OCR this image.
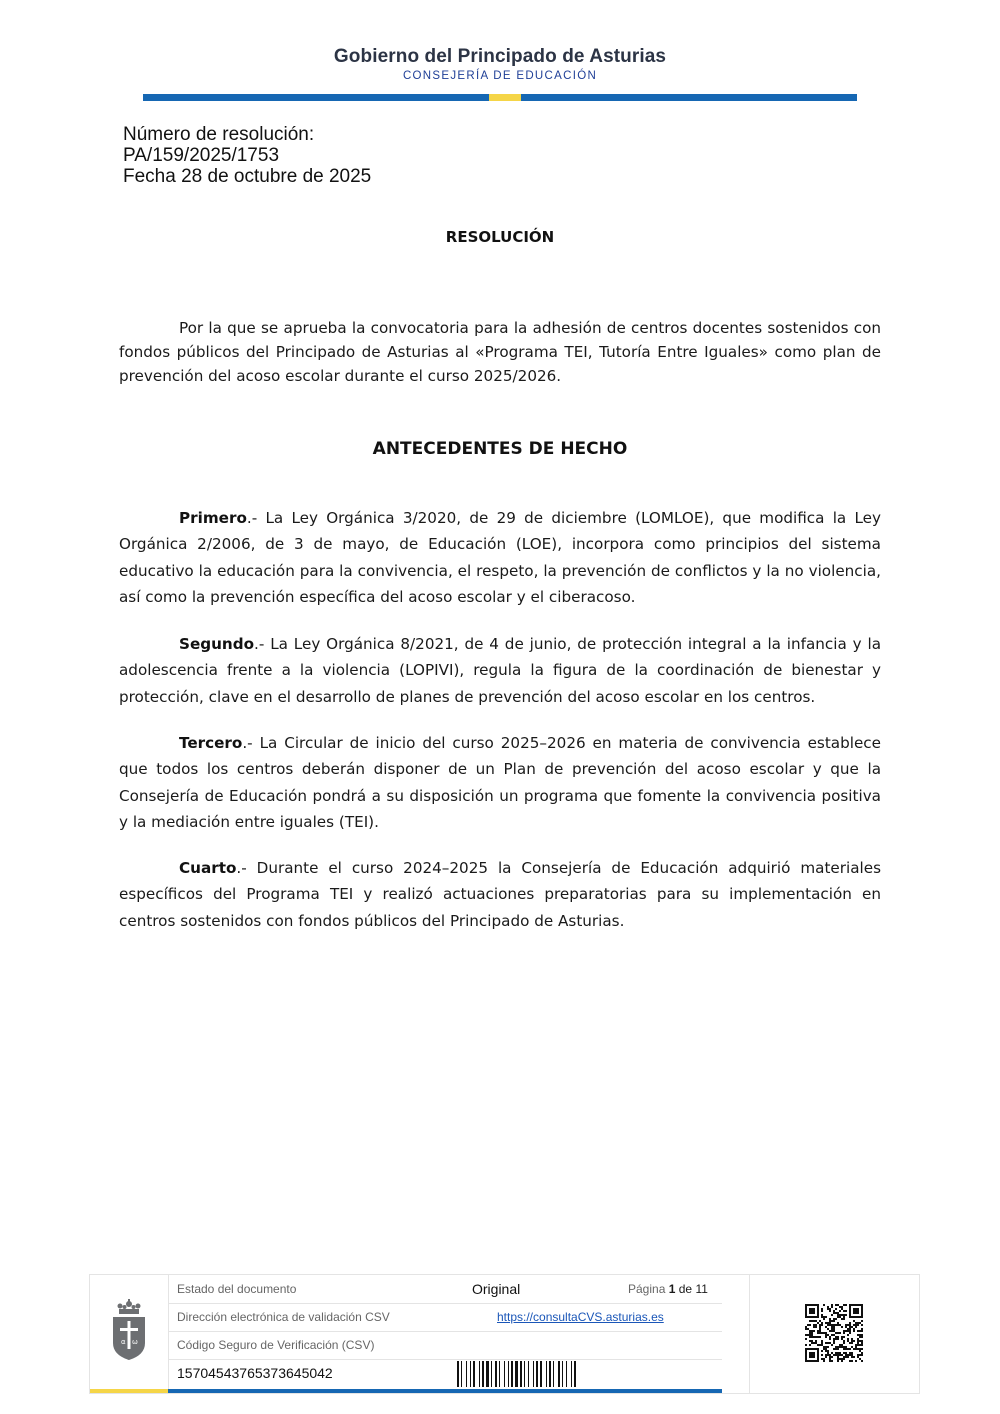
Gobierno del Principado de Asturias
CONSEJERÍA DE EDUCACIÓN
Número de resolución:
PA/159/2025/1753
Fecha 28 de octubre de 2025
RESOLUCIÓN
Por la que se aprueba la convocatoria para la adhesión de centros docentes sostenidos con fondos públicos del Principado de Asturias al «Programa TEI, Tutoría Entre Iguales» como plan de prevención del acoso escolar durante el curso 2025/2026.
ANTECEDENTES DE HECHO
Primero.- La Ley Orgánica 3/2020, de 29 de diciembre (LOMLOE), que modifica la Ley Orgánica 2/2006, de 3 de mayo, de Educación (LOE), incorpora como principios del sistema educativo la educación para la convivencia, el respeto, la prevención de conflictos y la no violencia, así como la prevención específica del acoso escolar y el ciberacoso.
Segundo.- La Ley Orgánica 8/2021, de 4 de junio, de protección integral a la infancia y la adolescencia frente a la violencia (LOPIVI), regula la figura de la coordinación de bienestar y protección, clave en el desarrollo de planes de prevención del acoso escolar en los centros.
Tercero.- La Circular de inicio del curso 2025–2026 en materia de convivencia establece que todos los centros deberán disponer de un Plan de prevención del acoso escolar y que la Consejería de Educación pondrá a su disposición un programa que fomente la convivencia positiva y la mediación entre iguales (TEI).
Cuarto.- Durante el curso 2024–2025 la Consejería de Educación adquirió materiales específicos del Programa TEI y realizó actuaciones preparatorias para su implementación en centros sostenidos con fondos públicos del Principado de Asturias.
α ω
Estado del documento	Original	Página 1 de 11
Dirección electrónica de validación CSV	https://consultaCVS.asturias.es
Código Seguro de Verificación (CSV)
15704543765373645042
